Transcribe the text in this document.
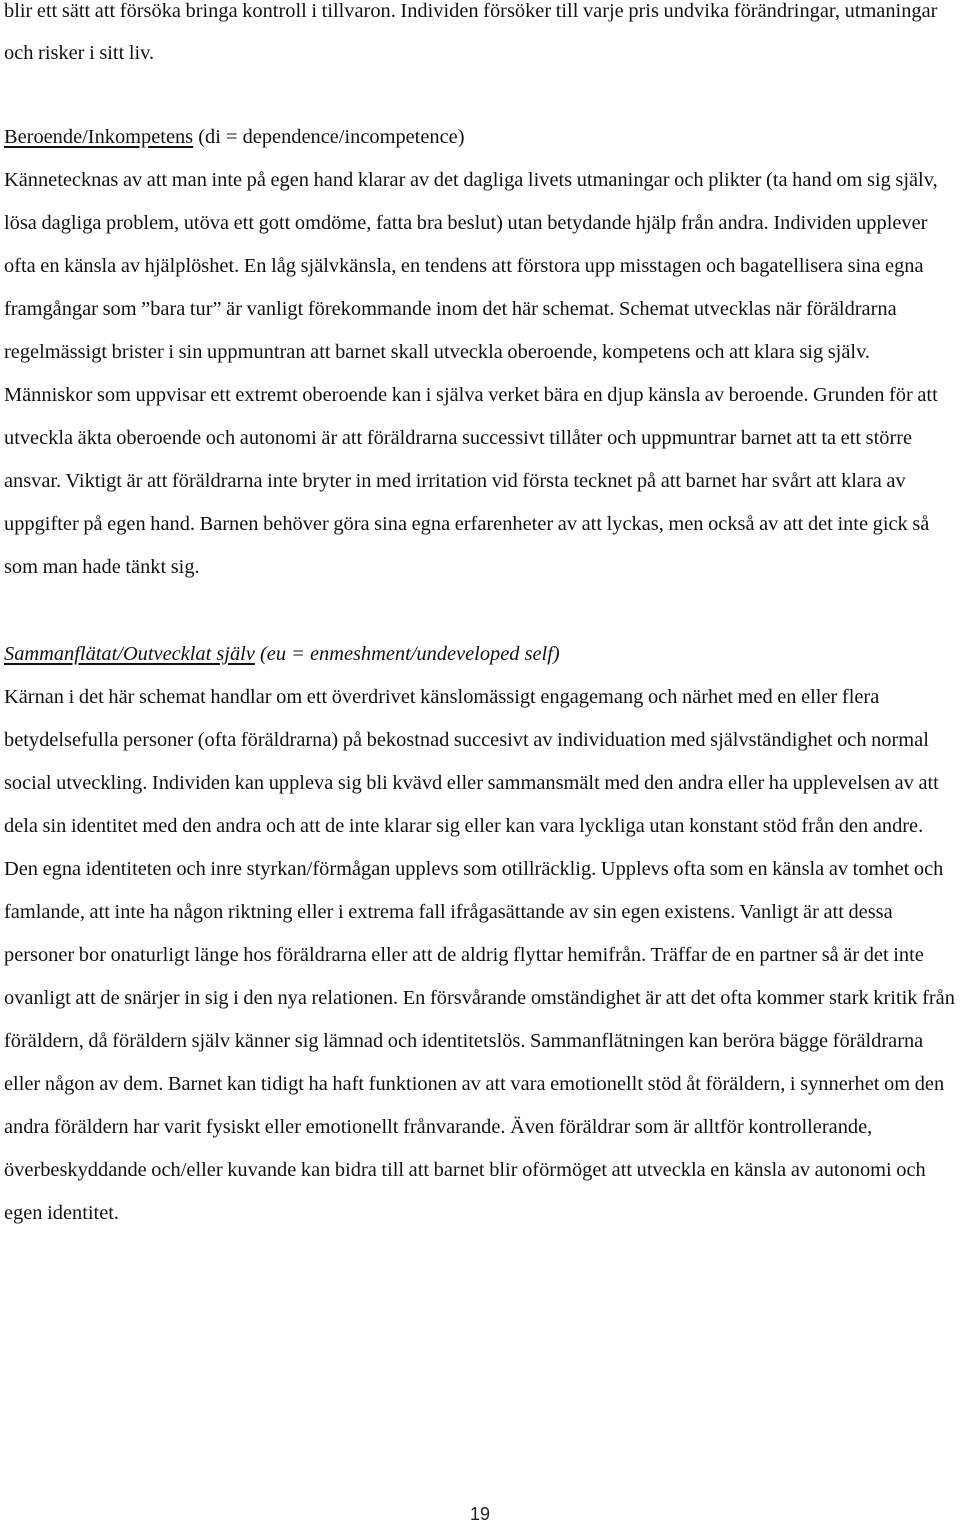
blir ett sätt att försöka bringa kontroll i tillvaron. Individen försöker till varje pris undvika förändringar, utmaningar och risker i sitt liv.

Beroende/Inkompetens (di = dependence/incompetence)

Kännetecknas av att man inte på egen hand klarar av det dagliga livets utmaningar och plikter (ta hand om sig själv, lösa dagliga problem, utöva ett gott omdöme, fatta bra beslut) utan betydande hjälp från andra. Individen upplever ofta en känsla av hjälplöshet. En låg självkänsla, en tendens att förstora upp misstagen och bagatellisera sina egna framgångar som ”bara tur” är vanligt förekommande inom det här schemat. Schemat utvecklas när föräldrarna regelmässigt brister i sin uppmuntran att barnet skall utveckla oberoende, kompetens och att klara sig själv. Människor som uppvisar ett extremt oberoende kan i själva verket bära en djup känsla av beroende. Grunden för att utveckla äkta oberoende och autonomi är att föräldrarna successivt tillåter och uppmuntrar barnet att ta ett större ansvar. Viktigt är att föräldrarna inte bryter in med irritation vid första tecknet på att barnet har svårt att klara av uppgifter på egen hand. Barnen behöver göra sina egna erfarenheter av att lyckas, men också av att det inte gick så som man hade tänkt sig.

Sammanflätat/Outvecklat själv (eu = enmeshment/undeveloped self)

Kärnan i det här schemat handlar om ett överdrivet känslomässigt engagemang och närhet med en eller flera betydelsefulla personer (ofta föräldrarna) på bekostnad succesivt av individuation med självständighet och normal social utveckling. Individen kan uppleva sig bli kvävd eller sammansmält med den andra eller ha upplevelsen av att dela sin identitet med den andra och att de inte klarar sig eller kan vara lyckliga utan konstant stöd från den andre. Den egna identiteten och inre styrkan/förmågan upplevs som otillräcklig. Upplevs ofta som en känsla av tomhet och famlande, att inte ha någon riktning eller i extrema fall ifrågasättande av sin egen existens. Vanligt är att dessa personer bor onaturligt länge hos föräldrarna eller att de aldrig flyttar hemifrån. Träffar de en partner så är det inte ovanligt att de snärjer in sig i den nya relationen. En försvårande omständighet är att det ofta kommer stark kritik från föräldern, då föräldern själv känner sig lämnad och identitetslös. Sammanflätningen kan beröra bägge föräldrarna eller någon av dem. Barnet kan tidigt ha haft funktionen av att vara emotionellt stöd åt föräldern, i synnerhet om den andra föräldern har varit fysiskt eller emotionellt frånvarande. Även föräldrar som är alltför kontrollerande, överbeskyddande och/eller kuvande kan bidra till att barnet blir oförmöget att utveckla en känsla av autonomi och egen identitet.

19
